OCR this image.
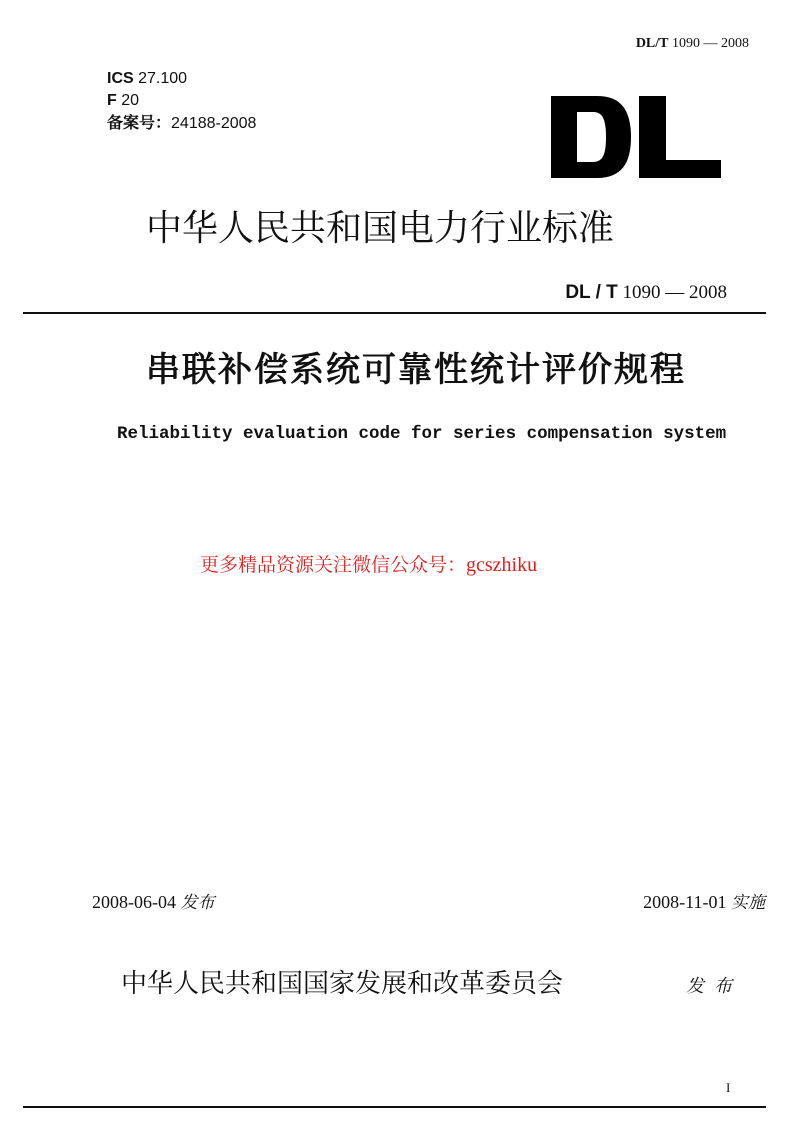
DL/T 1090 — 2008
ICS 27.100
F 20
备案号：24188-2008
中华人民共和国电力行业标准
DL / T 1090 — 2008
串联补偿系统可靠性统计评价规程
Reliability evaluation code for series compensation system
更多精品资源关注微信公众号：gcszhiku
2008-06-04 发布	2008-11-01 实施
中华人民共和国国家发展和改革委员会	发布
I
